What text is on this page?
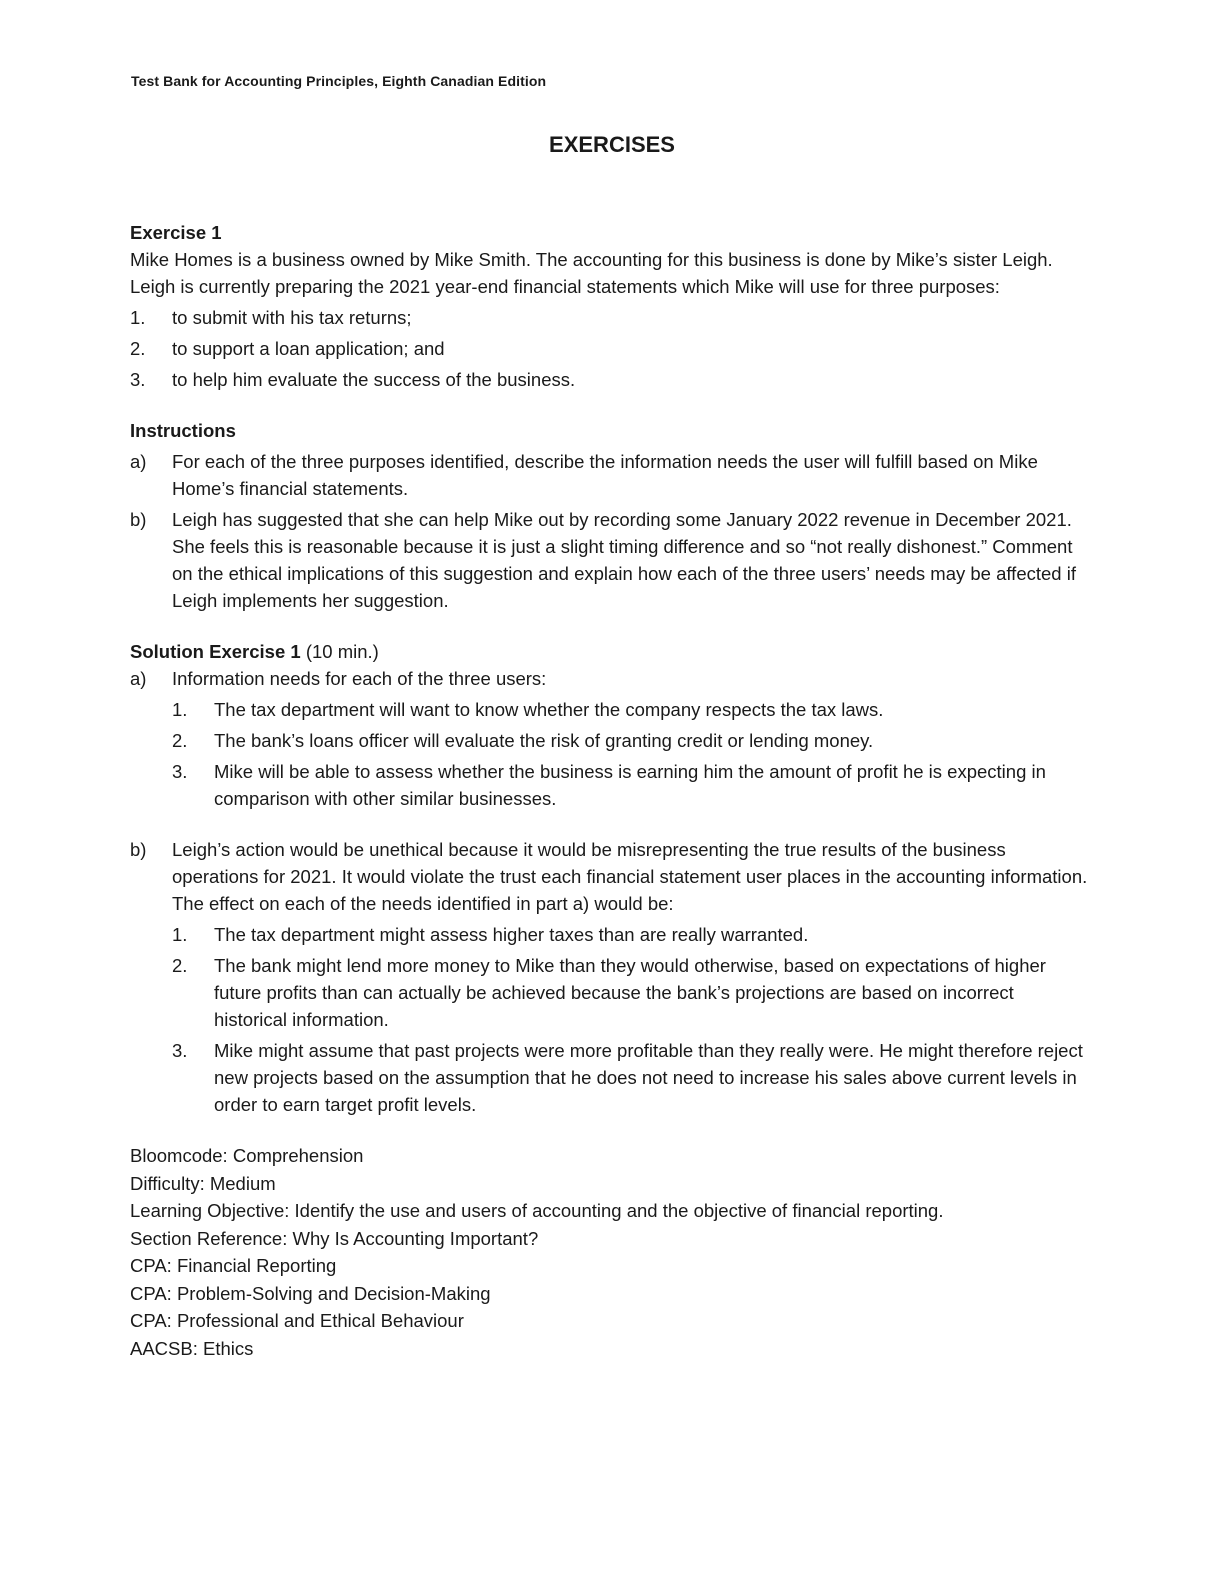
Test Bank for Accounting Principles, Eighth Canadian Edition
EXERCISES
Exercise 1
Mike Homes is a business owned by Mike Smith. The accounting for this business is done by Mike’s sister Leigh. Leigh is currently preparing the 2021 year-end financial statements which Mike will use for three purposes:
1.	to submit with his tax returns;
2.	to support a loan application; and
3.	to help him evaluate the success of the business.
Instructions
a)	For each of the three purposes identified, describe the information needs the user will fulfill based on Mike Home’s financial statements.
b)	Leigh has suggested that she can help Mike out by recording some January 2022 revenue in December 2021. She feels this is reasonable because it is just a slight timing difference and so “not really dishonest.” Comment on the ethical implications of this suggestion and explain how each of the three users’ needs may be affected if Leigh implements her suggestion.
Solution Exercise 1 (10 min.)
a)	Information needs for each of the three users:
1.	The tax department will want to know whether the company respects the tax laws.
2.	The bank’s loans officer will evaluate the risk of granting credit or lending money.
3.	Mike will be able to assess whether the business is earning him the amount of profit he is expecting in comparison with other similar businesses.
b)	Leigh’s action would be unethical because it would be misrepresenting the true results of the business operations for 2021. It would violate the trust each financial statement user places in the accounting information. The effect on each of the needs identified in part a) would be:
1.	The tax department might assess higher taxes than are really warranted.
2.	The bank might lend more money to Mike than they would otherwise, based on expectations of higher future profits than can actually be achieved because the bank’s projections are based on incorrect historical information.
3.	Mike might assume that past projects were more profitable than they really were. He might therefore reject new projects based on the assumption that he does not need to increase his sales above current levels in order to earn target profit levels.
Bloomcode: Comprehension
Difficulty: Medium
Learning Objective: Identify the use and users of accounting and the objective of financial reporting.
Section Reference: Why Is Accounting Important?
CPA: Financial Reporting
CPA: Problem-Solving and Decision-Making
CPA: Professional and Ethical Behaviour
AACSB: Ethics
